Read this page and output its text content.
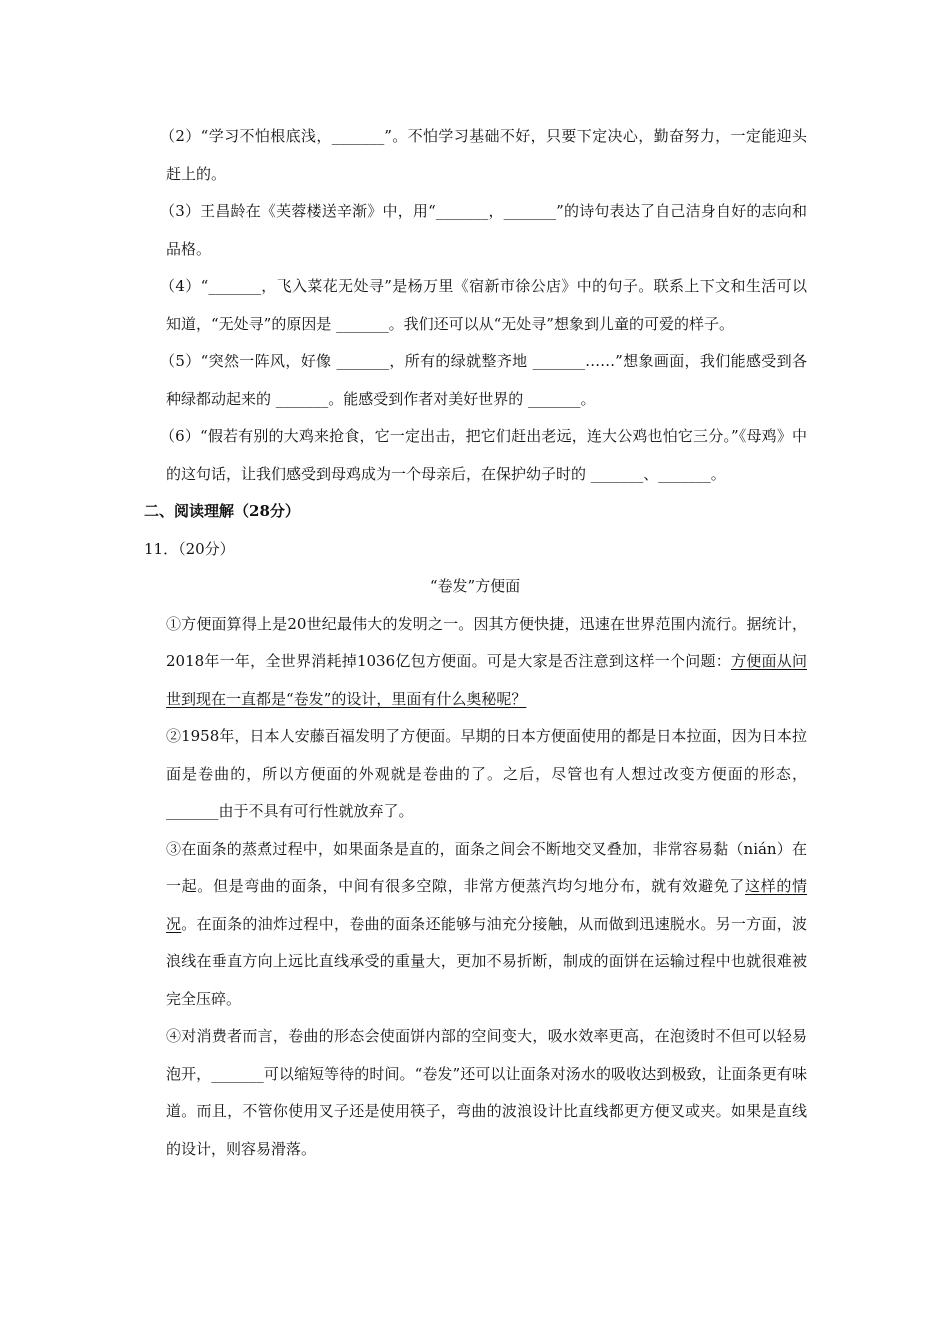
（2）“学习不怕根底浅，_______”。不怕学习基础不好，只要下定决心，勤奋努力，一定能迎头赶上的。

（3）王昌龄在《芙蓉楼送辛渐》中，用“_______，_______”的诗句表达了自己洁身自好的志向和品格。

（4）“_______，飞入菜花无处寻”是杨万里《宿新市徐公店》中的句子。联系上下文和生活可以知道，“无处寻”的原因是 _______。我们还可以从“无处寻”想象到儿童的可爱的样子。

（5）“突然一阵风，好像 _______，所有的绿就整齐地 _______……”想象画面，我们能感受到各种绿都动起来的 _______。能感受到作者对美好世界的 _______。

（6）“假若有别的大鸡来抢食，它一定出击，把它们赶出老远，连大公鸡也怕它三分。”《母鸡》中的这句话，让我们感受到母鸡成为一个母亲后，在保护幼子时的 _______、_______。

二、阅读理解（28分）

11．（20分）

“卷发”方便面

①方便面算得上是20世纪最伟大的发明之一。因其方便快捷，迅速在世界范围内流行。据统计，2018年一年，全世界消耗掉1036亿包方便面。可是大家是否注意到这样一个问题：方便面从问世到现在一直都是“卷发”的设计，里面有什么奥秘呢？

②1958年，日本人安藤百福发明了方便面。早期的日本方便面使用的都是日本拉面，因为日本拉面是卷曲的，所以方便面的外观就是卷曲的了。之后，尽管也有人想过改变方便面的形态，_______由于不具有可行性就放弃了。

③在面条的蒸煮过程中，如果面条是直的，面条之间会不断地交叉叠加，非常容易黏（nián）在一起。但是弯曲的面条，中间有很多空隙，非常方便蒸汽均匀地分布，就有效避免了这样的情况。在面条的油炸过程中，卷曲的面条还能够与油充分接触，从而做到迅速脱水。另一方面，波浪线在垂直方向上远比直线承受的重量大，更加不易折断，制成的面饼在运输过程中也就很难被完全压碎。

④对消费者而言，卷曲的形态会使面饼内部的空间变大，吸水效率更高，在泡烫时不但可以轻易泡开，_______可以缩短等待的时间。“卷发”还可以让面条对汤水的吸收达到极致，让面条更有味道。而且，不管你使用叉子还是使用筷子，弯曲的波浪设计比直线都更方便叉或夹。如果是直线的设计，则容易滑落。
